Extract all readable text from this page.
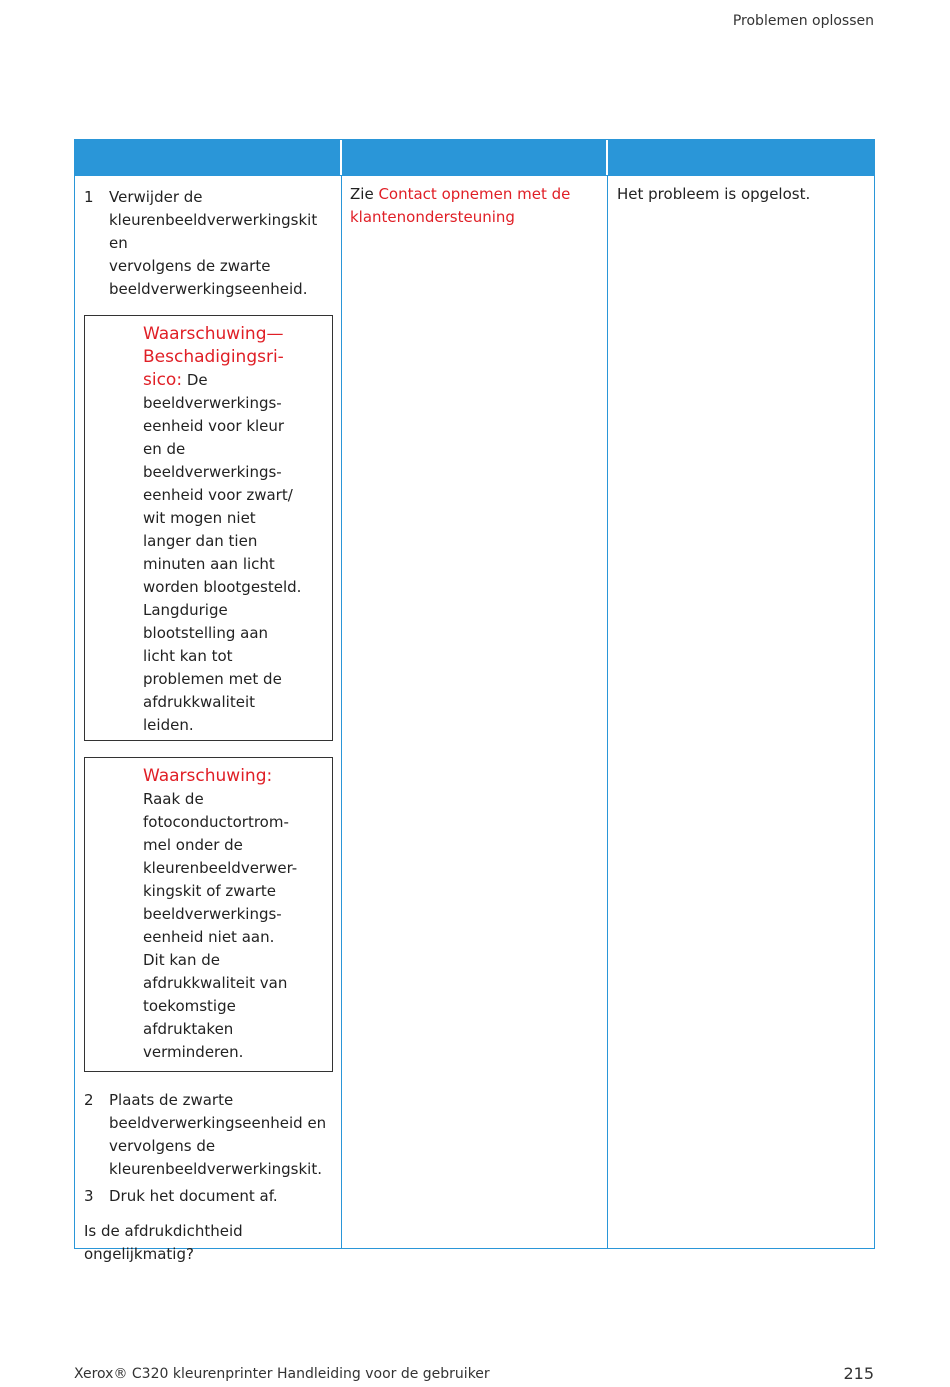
Problemen oplossen
1 Verwijder de
kleurenbeeldverwerkingskit en
vervolgens de zwarte
beeldverwerkingseenheid.
Waarschuwing—
Beschadigingsri-
sico: De
beeldverwerkings-
eenheid voor kleur
en de
beeldverwerkings-
eenheid voor zwart/
wit mogen niet
langer dan tien
minuten aan licht
worden blootgesteld.
Langdurige
blootstelling aan
licht kan tot
problemen met de
afdrukkwaliteit
leiden.
Waarschuwing:
Raak de
fotoconductortrom-
mel onder de
kleurenbeeldverwer-
kingskit of zwarte
beeldverwerkings-
eenheid niet aan.
Dit kan de
afdrukkwaliteit van
toekomstige
afdruktaken
verminderen.
2 Plaats de zwarte
beeldverwerkingseenheid en
vervolgens de
kleurenbeeldverwerkingskit.
3 Druk het document af.
Is de afdrukdichtheid
ongelijkmatig?
Zie Contact opnemen met de
klantenondersteuning
Het probleem is opgelost.
Xerox® C320 kleurenprinter Handleiding voor de gebruiker	215
